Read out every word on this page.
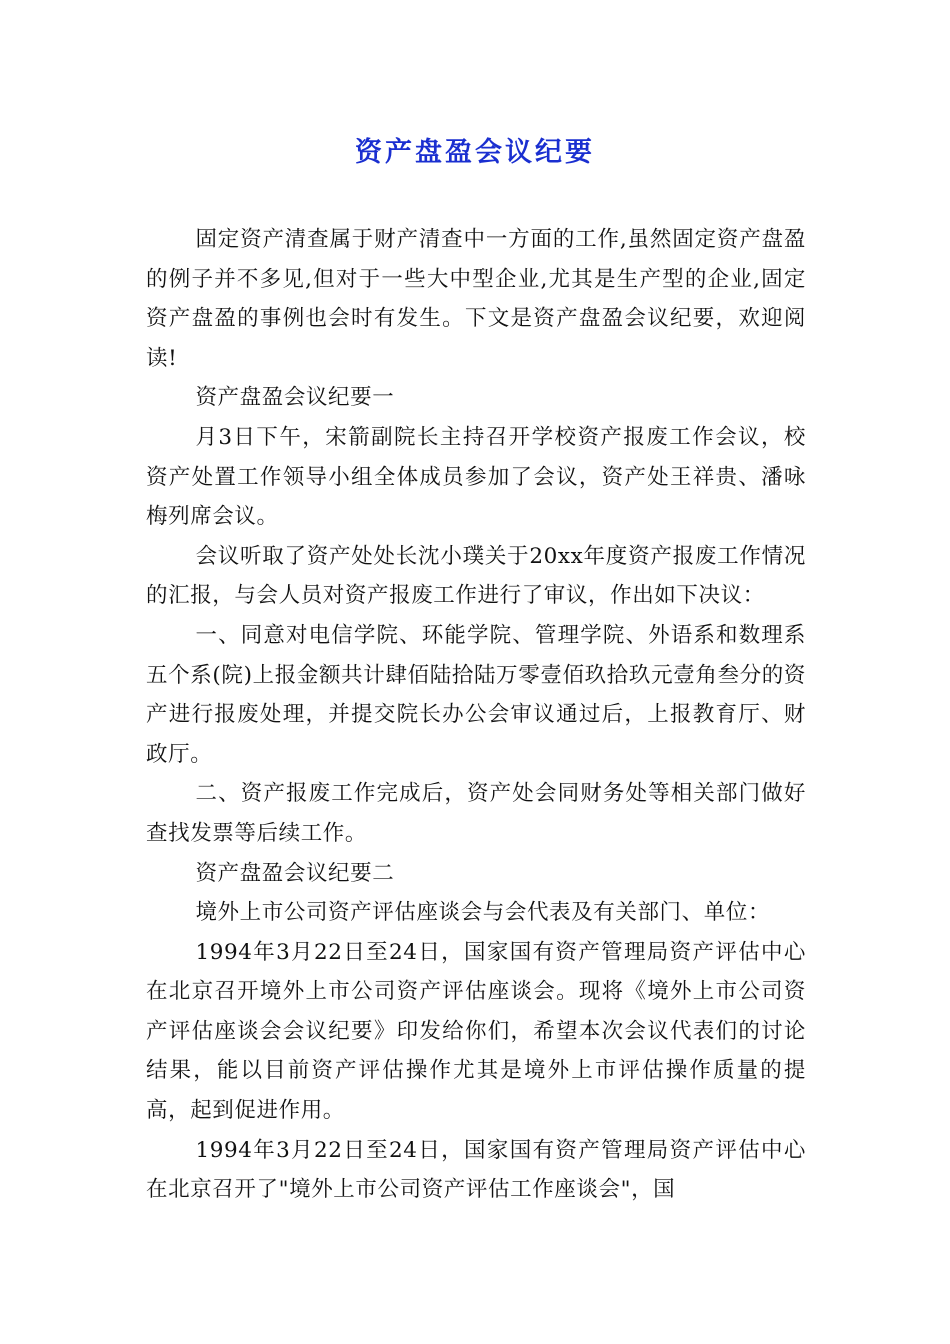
资产盘盈会议纪要

固定资产清查属于财产清查中一方面的工作,虽然固定资产盘盈的例子并不多见,但对于一些大中型企业,尤其是生产型的企业,固定资产盘盈的事例也会时有发生。下文是资产盘盈会议纪要，欢迎阅读!

资产盘盈会议纪要一

月3日下午，宋箭副院长主持召开学校资产报废工作会议，校资产处置工作领导小组全体成员参加了会议，资产处王祥贵、潘咏梅列席会议。

会议听取了资产处处长沈小璞关于20xx年度资产报废工作情况的汇报，与会人员对资产报废工作进行了审议，作出如下决议：

一、同意对电信学院、环能学院、管理学院、外语系和数理系五个系(院)上报金额共计肆佰陆拾陆万零壹佰玖拾玖元壹角叁分的资产进行报废处理，并提交院长办公会审议通过后，上报教育厅、财政厅。

二、资产报废工作完成后，资产处会同财务处等相关部门做好查找发票等后续工作。

资产盘盈会议纪要二

境外上市公司资产评估座谈会与会代表及有关部门、单位：

1994年3月22日至24日，国家国有资产管理局资产评估中心在北京召开境外上市公司资产评估座谈会。现将《境外上市公司资产评估座谈会会议纪要》印发给你们，希望本次会议代表们的讨论结果，能以目前资产评估操作尤其是境外上市评估操作质量的提高，起到促进作用。

1994年3月22日至24日，国家国有资产管理局资产评估中心在北京召开了"境外上市公司资产评估工作座谈会"，国
